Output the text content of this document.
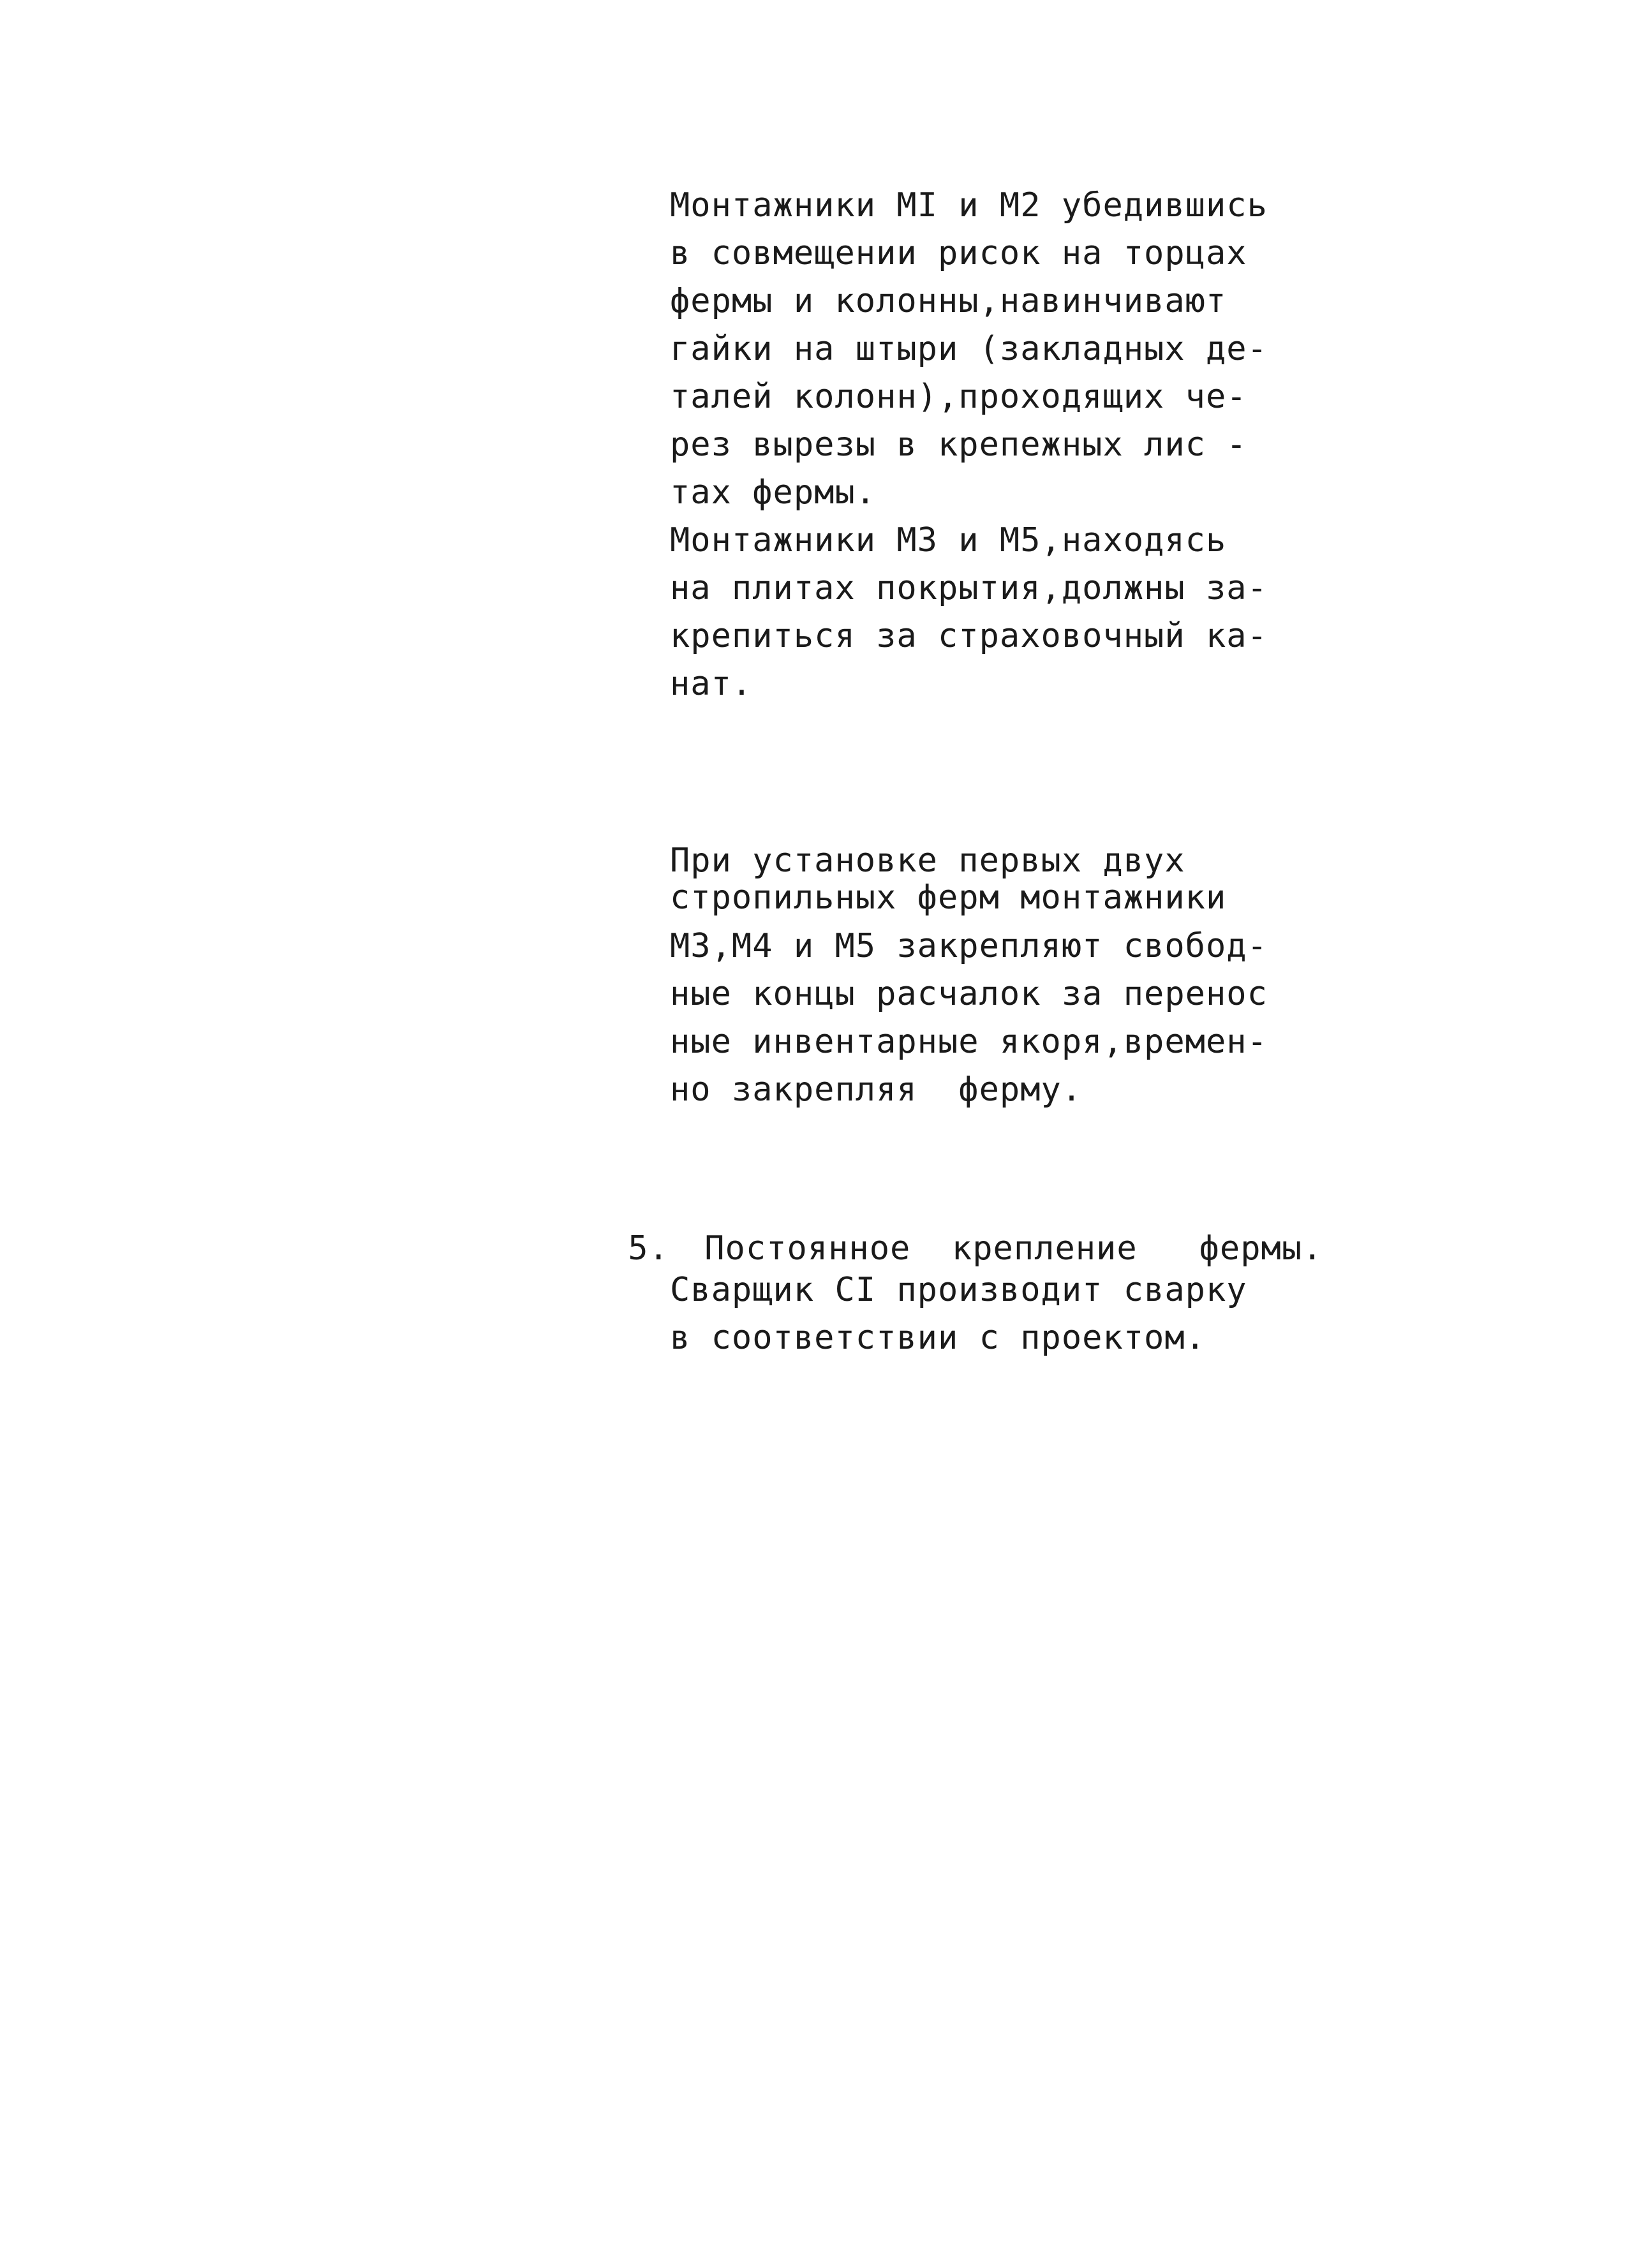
Монтажники МI и М2 убедившись
в совмещении рисок на торцах
фермы и колонны,навинчивают
гайки на штыри (закладных де-
талей колонн),проходящих че-
рез вырезы в крепежных лис -
тах фермы.
Монтажники М3 и М5,находясь
на плитах покрытия,должны за-
крепиться за страховочный ка-
нат.
При установке первых двух
стропильных ферм монтажники
М3,М4 и М5 закрепляют свобод-
ные концы расчалок за перенос
ные инвентарные якоря,времен-
но закрепляя  ферму.

5. Постоянное  крепление   фермы.

Сварщик СI производит сварку
в соответствии с проектом.
